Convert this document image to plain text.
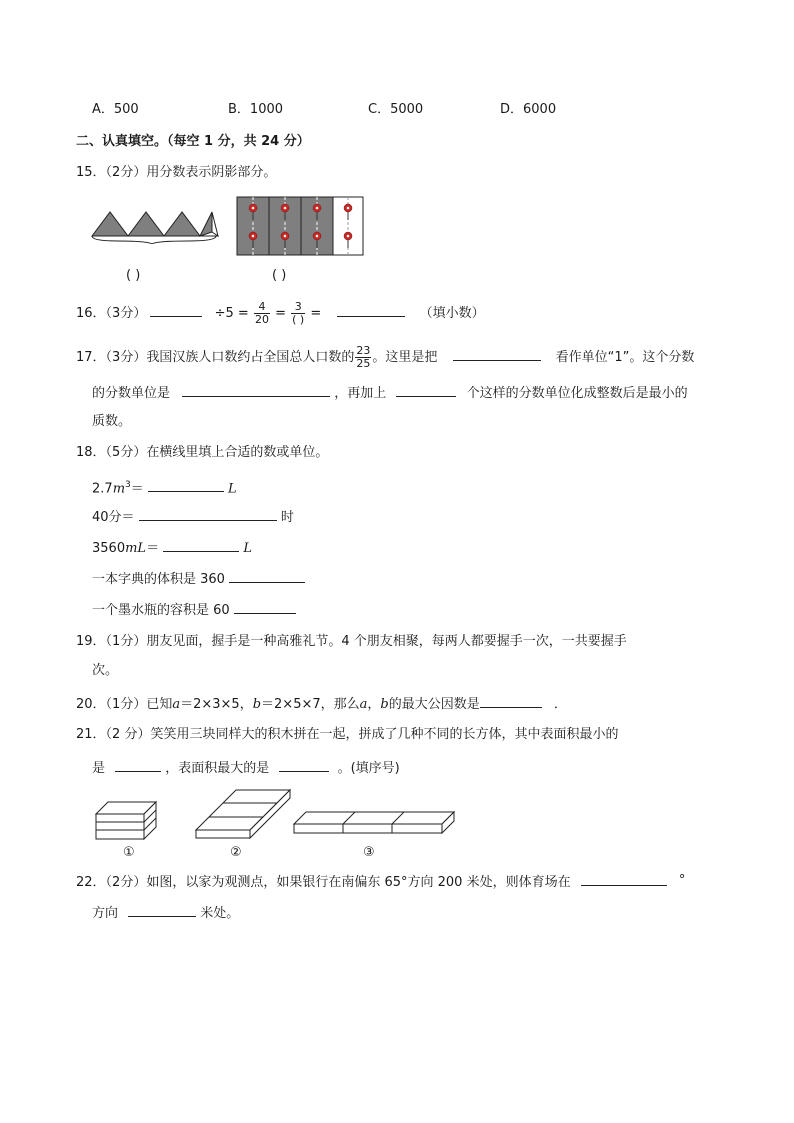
A．500	B．1000	C．5000	D．6000
二、认真填空。（每空 1 分，共 24 分）
15．（2分）用分数表示阴影部分。
( )	( )
16．（3分）	$\div 5 = \frac{4}{20} = \frac{3}{( )}$ =	（填小数）
17．（3分）我国汉族人口数约占全国总人口数的 $\frac{23}{25}$ 。这里是把	看作单位“1”。这个分数
的分数单位是	，再加上	个这样的分数单位化成整数后是最小的
质数。
18．（5分）在横线里填上合适的数或单位。
$2.7m^3=$	L
40分＝	时
3560mL＝	L
一本字典的体积是 360
一个墨水瓶的容积是 60
19．（1分）朋友见面，握手是一种高雅礼节。4 个朋友相聚，每两人都要握手一次，一共要握手
次。
20．（1分）已知a＝2×3×5，b＝2×5×7，那么a，b的最大公因数是	．
21．（2 分）笑笑用三块同样大的积木拼在一起，拼成了几种不同的长方体，其中表面积最小的
是	，表面积最大的是	。(填序号)
①	②	③
22．（2分）如图，以家为观测点，如果银行在南偏东 65°方向 200 米处，则体育场在	°
方向	米处。
